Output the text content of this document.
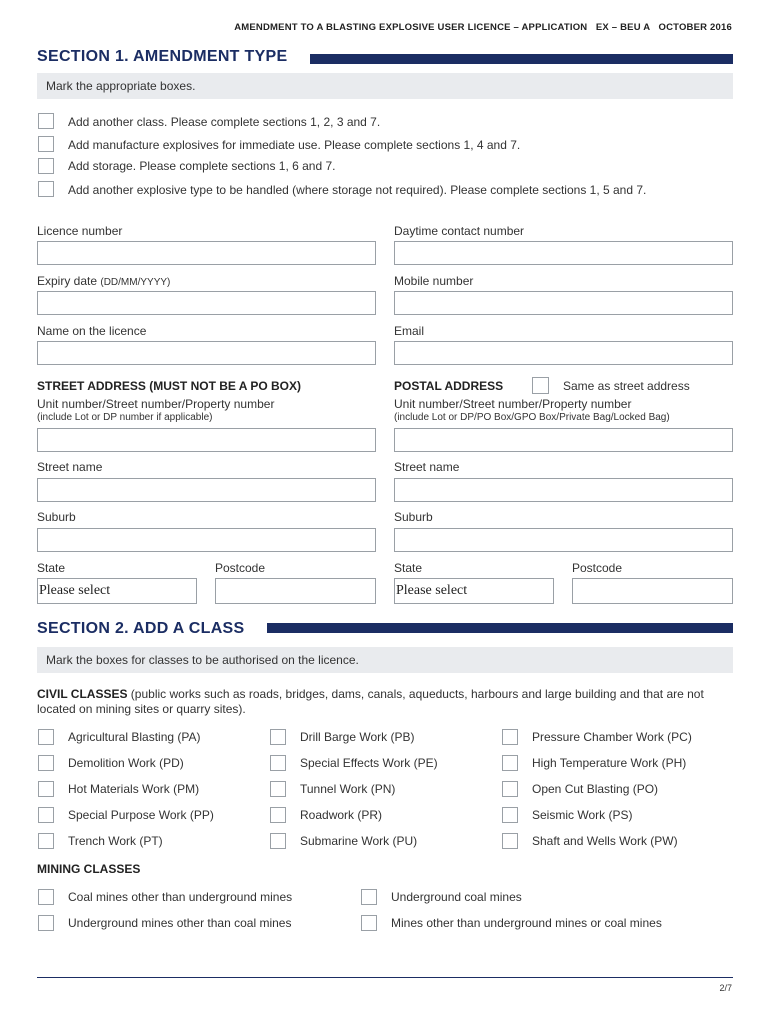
AMENDMENT TO A BLASTING EXPLOSIVE USER LICENCE – APPLICATION   EX – BEU A   OCTOBER 2016
SECTION 1. AMENDMENT TYPE
Mark the appropriate boxes.
Add another class. Please complete sections 1, 2, 3 and 7.
Add manufacture explosives for immediate use. Please complete sections 1, 4 and 7.
Add storage. Please complete sections 1, 6 and 7.
Add another explosive type to be handled (where storage not required). Please complete sections 1, 5 and 7.
Licence number	Daytime contact number
Expiry date (DD/MM/YYYY)	Mobile number
Name on the licence	Email
STREET ADDRESS (MUST NOT BE A PO BOX)	POSTAL ADDRESS	Same as street address
Unit number/Street number/Property number
(include Lot or DP number if applicable)
Unit number/Street number/Property number
(include Lot or DP/PO Box/GPO Box/Private Bag/Locked Bag)
Street name	Street name
Suburb	Suburb
State	Postcode
Please select
State	Postcode
Please select
SECTION 2. ADD A CLASS
Mark the boxes for classes to be authorised on the licence.
CIVIL CLASSES (public works such as roads, bridges, dams, canals, aqueducts, harbours and large building and that are not located on mining sites or quarry sites).
Agricultural Blasting (PA)	Drill Barge Work (PB)	Pressure Chamber Work (PC)
Demolition Work (PD)	Special Effects Work (PE)	High Temperature Work (PH)
Hot Materials Work (PM)	Tunnel Work (PN)	Open Cut Blasting (PO)
Special Purpose Work (PP)	Roadwork (PR)	Seismic Work (PS)
Trench Work (PT)	Submarine Work (PU)	Shaft and Wells Work (PW)
MINING CLASSES
Coal mines other than underground mines	Underground coal mines
Underground mines other than coal mines	Mines other than underground mines or coal mines
2/7
